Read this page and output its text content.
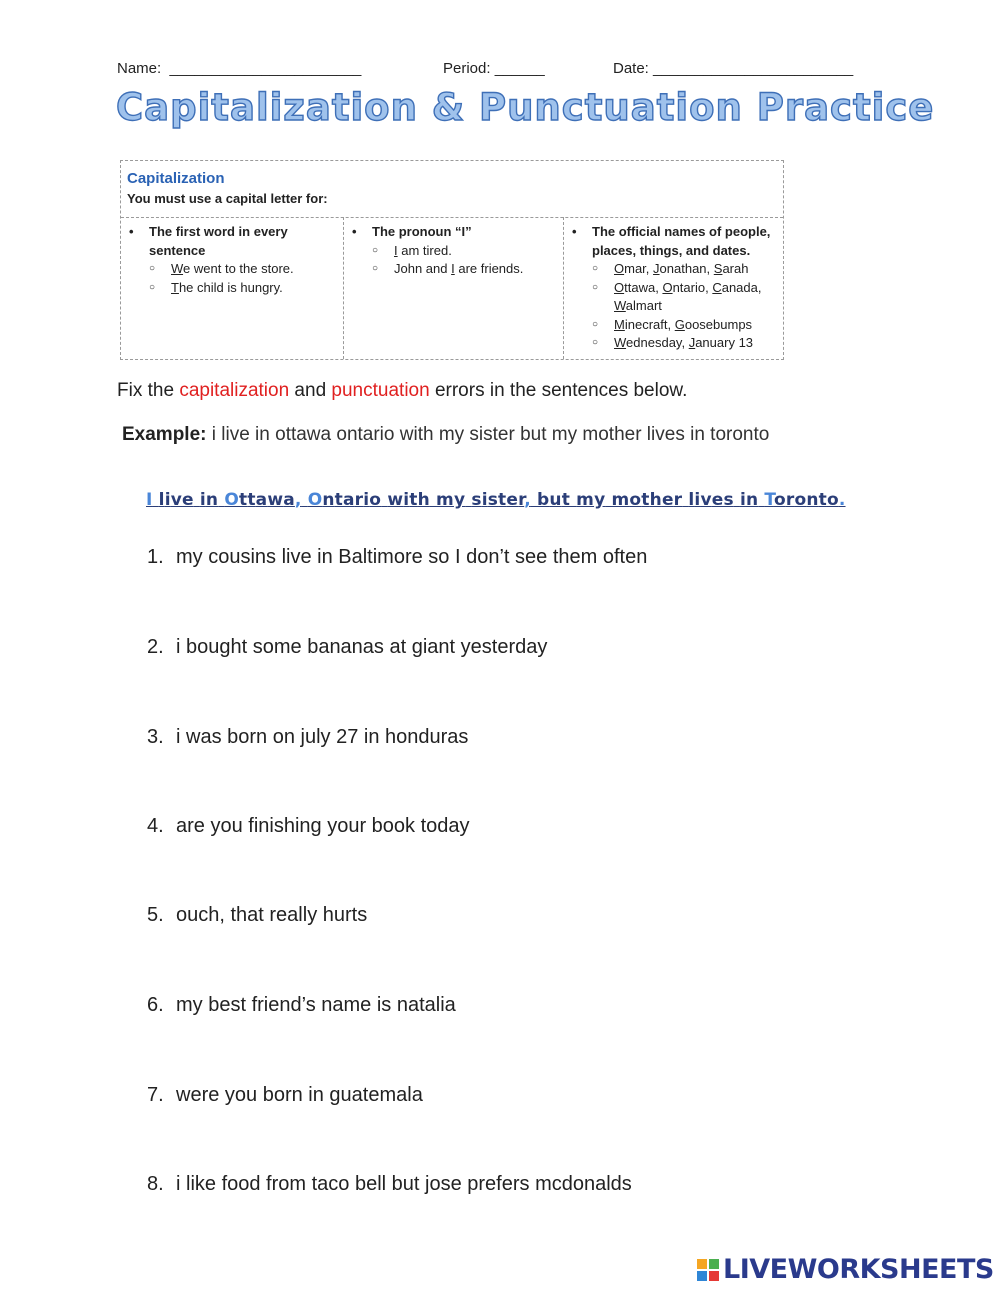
Name: _______________________	Period: ______	Date: ________________________
Capitalization & Punctuation Practice
Capitalization
You must use a capital letter for:
•	The first word in every sentence
○	We went to the store.
○	The child is hungry.
•	The pronoun “I”
○	I am tired.
○	John and I are friends.
•	The official names of people, places, things, and dates.
○	Omar, Jonathan, Sarah
○	Ottawa, Ontario, Canada, Walmart
○	Minecraft, Goosebumps
○	Wednesday, January 13
Fix the capitalization and punctuation errors in the sentences below.
Example: i live in ottawa ontario with my sister but my mother lives in toronto
I live in Ottawa, Ontario with my sister, but my mother lives in Toronto.
1. my cousins live in Baltimore so I don’t see them often
2. i bought some bananas at giant yesterday
3. i was born on july 27 in honduras
4. are you finishing your book today
5. ouch, that really hurts
6. my best friend’s name is natalia
7. were you born in guatemala
8. i like food from taco bell but jose prefers mcdonalds
LIVEWORKSHEETS
